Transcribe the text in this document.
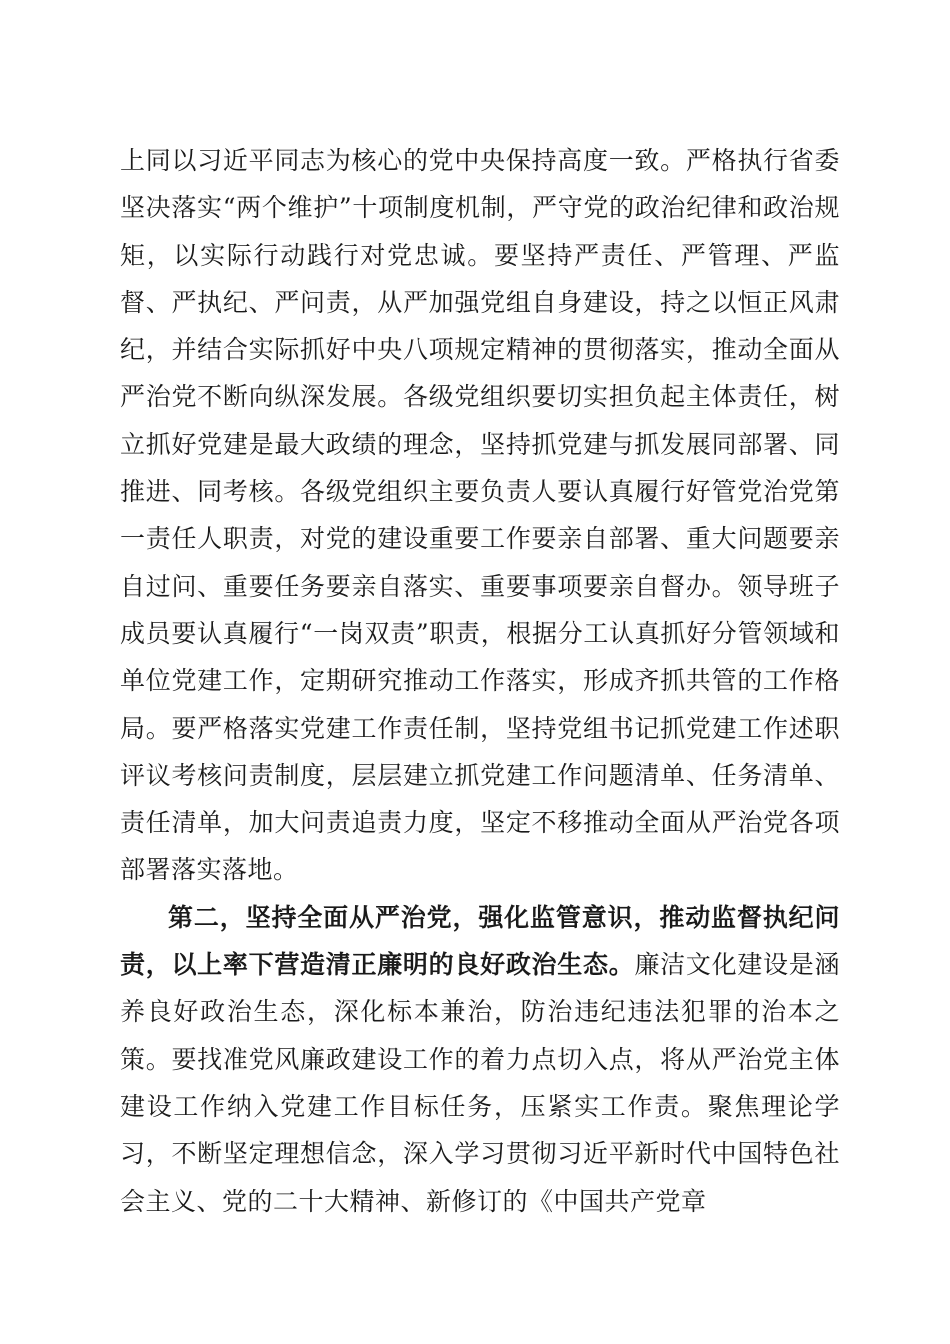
上同以习近平同志为核心的党中央保持高度一致。严格执行省委坚决落实“两个维护”十项制度机制，严守党的政治纪律和政治规矩，以实际行动践行对党忠诚。要坚持严责任、严管理、严监督、严执纪、严问责，从严加强党组自身建设，持之以恒正风肃纪，并结合实际抓好中央八项规定精神的贯彻落实，推动全面从严治党不断向纵深发展。各级党组织要切实担负起主体责任，树立抓好党建是最大政绩的理念，坚持抓党建与抓发展同部署、同推进、同考核。各级党组织主要负责人要认真履行好管党治党第一责任人职责，对党的建设重要工作要亲自部署、重大问题要亲自过问、重要任务要亲自落实、重要事项要亲自督办。领导班子成员要认真履行“一岗双责”职责，根据分工认真抓好分管领域和单位党建工作，定期研究推动工作落实，形成齐抓共管的工作格局。要严格落实党建工作责任制，坚持党组书记抓党建工作述职评议考核问责制度，层层建立抓党建工作问题清单、任务清单、责任清单，加大问责追责力度，坚定不移推动全面从严治党各项部署落实落地。

第二，坚持全面从严治党，强化监管意识，推动监督执纪问责，以上率下营造清正廉明的良好政治生态。廉洁文化建设是涵养良好政治生态，深化标本兼治，防治违纪违法犯罪的治本之策。要找准党风廉政建设工作的着力点切入点，将从严治党主体建设工作纳入党建工作目标任务，压紧实工作责。聚焦理论学习，不断坚定理想信念，深入学习贯彻习近平新时代中国特色社会主义、党的二十大精神、新修订的《中国共产党章
